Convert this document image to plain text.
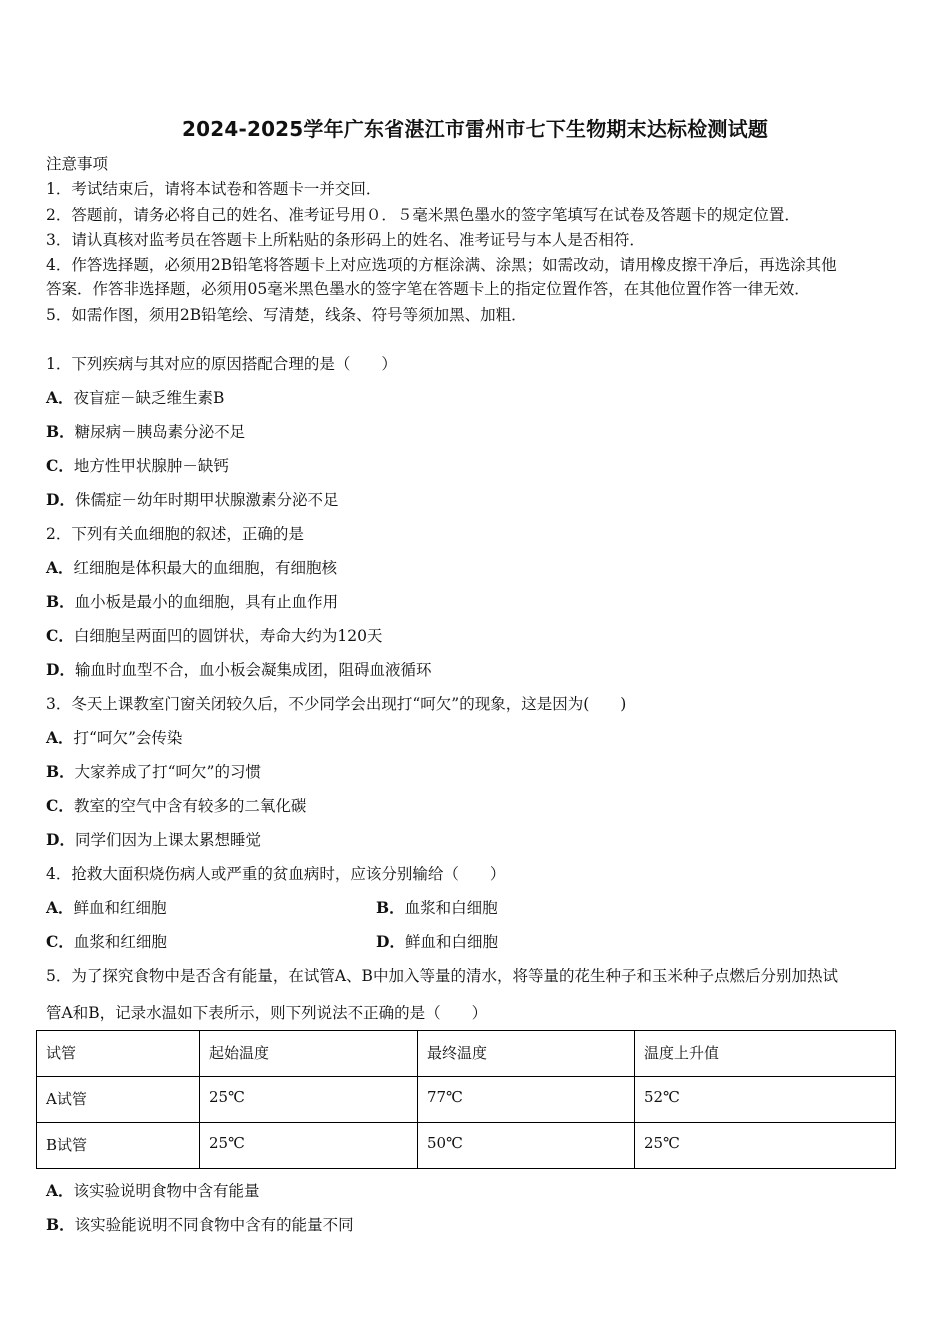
2024-2025学年广东省湛江市雷州市七下生物期末达标检测试题
注意事项
1．考试结束后，请将本试卷和答题卡一并交回．
2．答题前，请务必将自己的姓名、准考证号用０．５毫米黑色墨水的签字笔填写在试卷及答题卡的规定位置．
3．请认真核对监考员在答题卡上所粘贴的条形码上的姓名、准考证号与本人是否相符．
4．作答选择题，必须用2B铅笔将答题卡上对应选项的方框涂满、涂黑；如需改动，请用橡皮擦干净后，再选涂其他
答案．作答非选择题，必须用05毫米黑色墨水的签字笔在答题卡上的指定位置作答，在其他位置作答一律无效．
5．如需作图，须用2B铅笔绘、写清楚，线条、符号等须加黑、加粗．
1．下列疾病与其对应的原因搭配合理的是（　　）
A．夜盲症－缺乏维生素B
B．糖尿病－胰岛素分泌不足
C．地方性甲状腺肿－缺钙
D．侏儒症－幼年时期甲状腺激素分泌不足
2．下列有关血细胞的叙述，正确的是
A．红细胞是体积最大的血细胞，有细胞核
B．血小板是最小的血细胞，具有止血作用
C．白细胞呈两面凹的圆饼状，寿命大约为120天
D．输血时血型不合，血小板会凝集成团，阻碍血液循环
3．冬天上课教室门窗关闭较久后，不少同学会出现打“呵欠”的现象，这是因为(　　)
A．打“呵欠”会传染
B．大家养成了打“呵欠”的习惯
C．教室的空气中含有较多的二氧化碳
D．同学们因为上课太累想睡觉
4．抢救大面积烧伤病人或严重的贫血病时，应该分别输给（　　）
A．鲜血和红细胞	B．血浆和白细胞
C．血浆和红细胞	D．鲜血和白细胞
5．为了探究食物中是否含有能量，在试管A、B中加入等量的清水，将等量的花生种子和玉米种子点燃后分别加热试
管A和B，记录水温如下表所示，则下列说法不正确的是（　　）
试管	起始温度	最终温度	温度上升值
A试管	25℃	77℃	52℃
B试管	25℃	50℃	25℃
A．该实验说明食物中含有能量
B．该实验能说明不同食物中含有的能量不同
